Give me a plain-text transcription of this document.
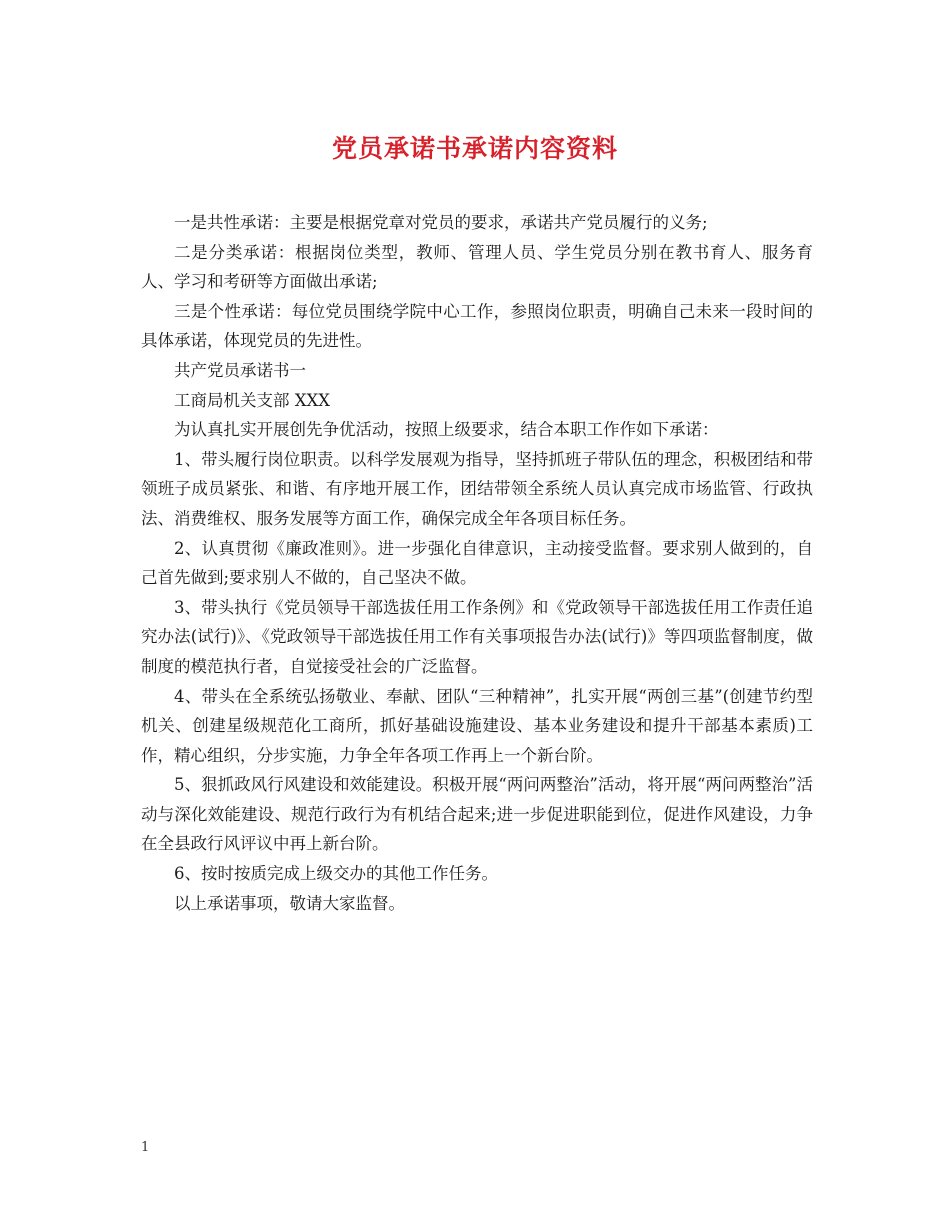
党员承诺书承诺内容资料

一是共性承诺：主要是根据党章对党员的要求，承诺共产党员履行的义务;

二是分类承诺：根据岗位类型，教师、管理人员、学生党员分别在教书育人、服务育人、学习和考研等方面做出承诺;

三是个性承诺：每位党员围绕学院中心工作，参照岗位职责，明确自己未来一段时间的具体承诺，体现党员的先进性。

共产党员承诺书一

工商局机关支部 XXX

为认真扎实开展创先争优活动，按照上级要求，结合本职工作作如下承诺：

1、带头履行岗位职责。以科学发展观为指导，坚持抓班子带队伍的理念，积极团结和带领班子成员紧张、和谐、有序地开展工作，团结带领全系统人员认真完成市场监管、行政执法、消费维权、服务发展等方面工作，确保完成全年各项目标任务。

2、认真贯彻《廉政准则》。进一步强化自律意识，主动接受监督。要求别人做到的，自己首先做到;要求别人不做的，自己坚决不做。

3、带头执行《党员领导干部选拔任用工作条例》和《党政领导干部选拔任用工作责任追究办法(试行)》、《党政领导干部选拔任用工作有关事项报告办法(试行)》等四项监督制度，做制度的模范执行者，自觉接受社会的广泛监督。

4、带头在全系统弘扬敬业、奉献、团队“三种精神”，扎实开展“两创三基”(创建节约型机关、创建星级规范化工商所，抓好基础设施建设、基本业务建设和提升干部基本素质)工作，精心组织，分步实施，力争全年各项工作再上一个新台阶。

5、狠抓政风行风建设和效能建设。积极开展“两问两整治”活动，将开展“两问两整治”活动与深化效能建设、规范行政行为有机结合起来;进一步促进职能到位，促进作风建设，力争在全县政行风评议中再上新台阶。

6、按时按质完成上级交办的其他工作任务。

以上承诺事项，敬请大家监督。

1
